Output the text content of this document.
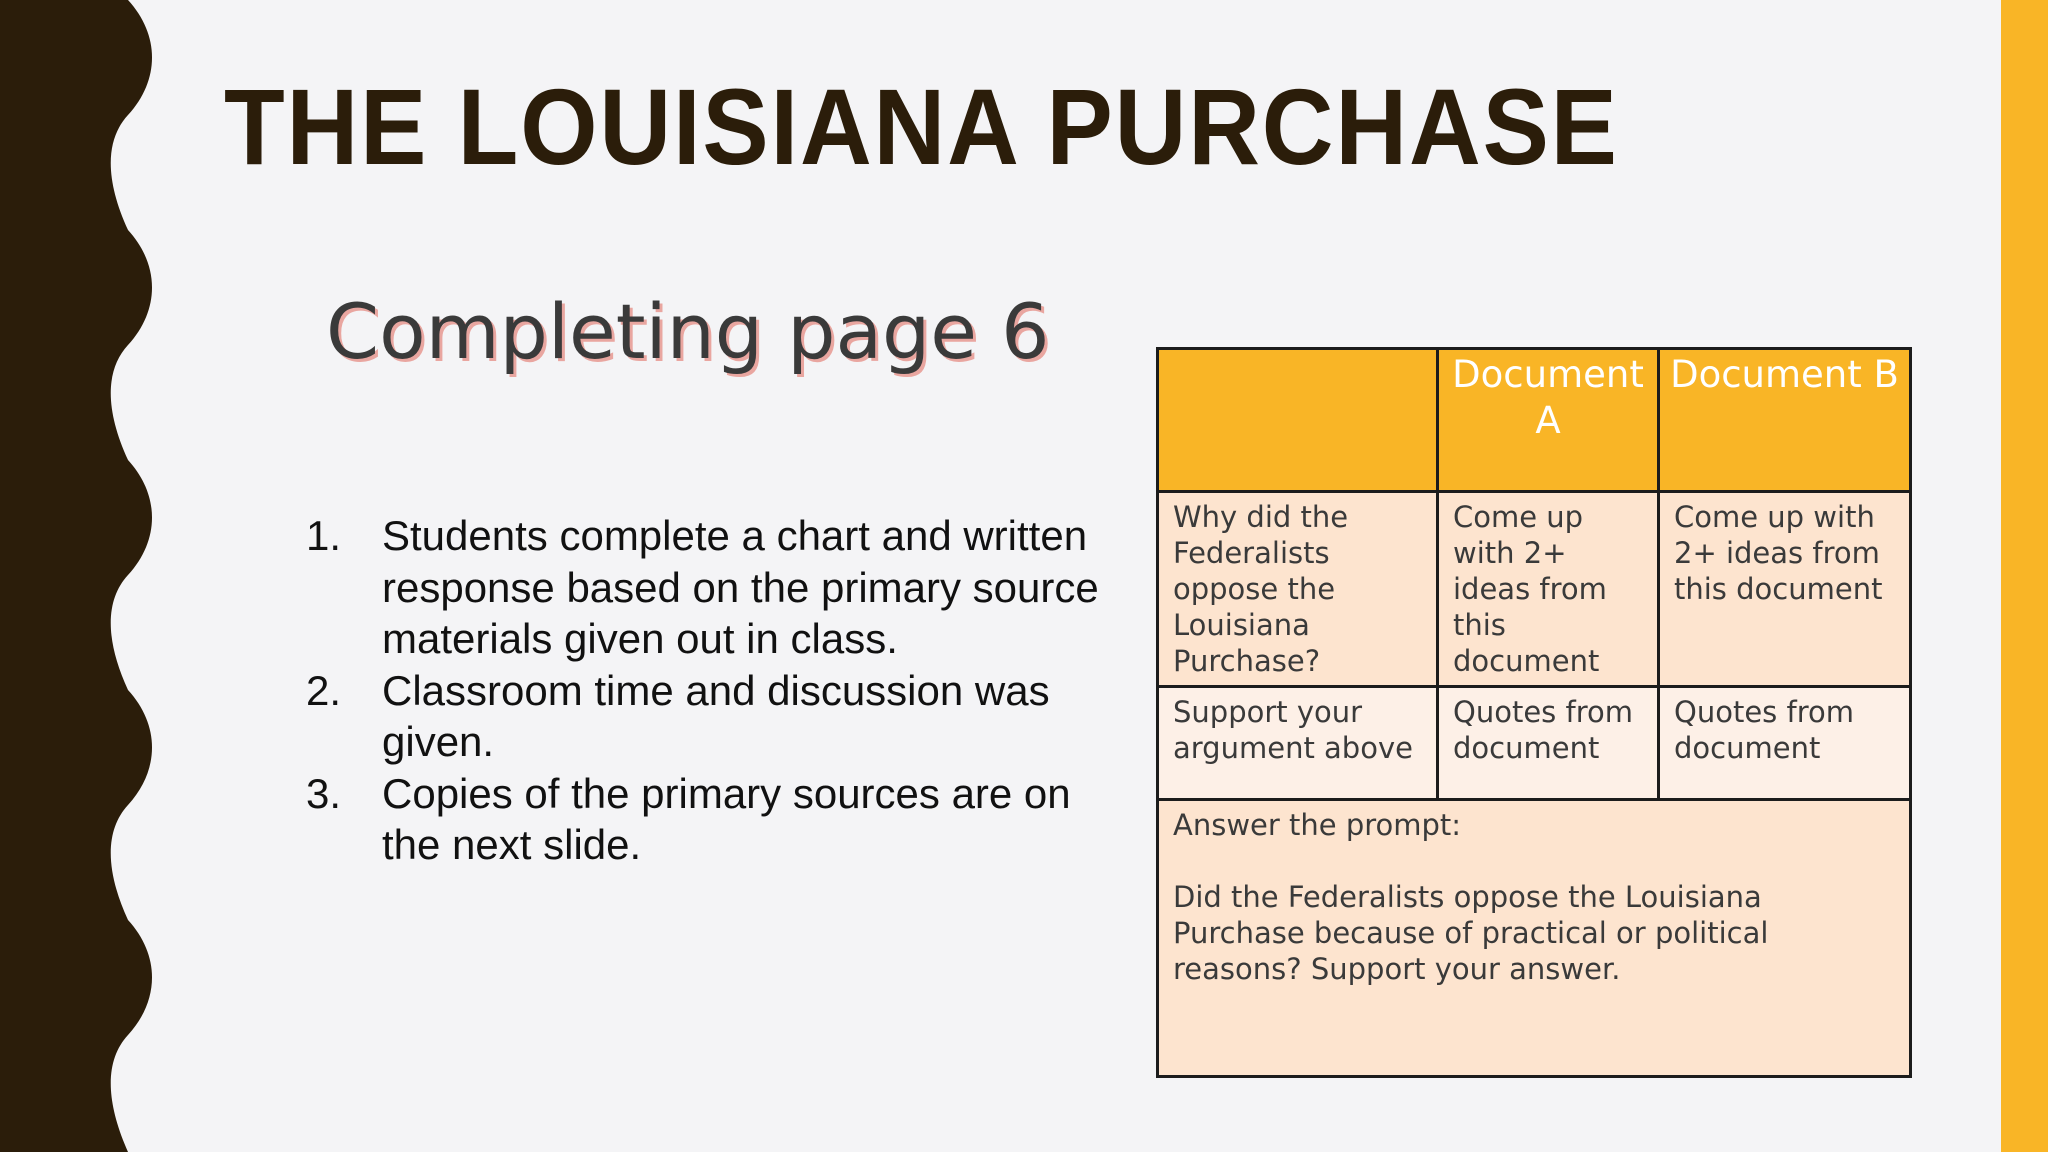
THE LOUISIANA PURCHASE
Completing page 6
1. Students complete a chart and written response based on the primary source materials given out in class.
2. Classroom time and discussion was given.
3. Copies of the primary sources are on the next slide.
	Document A	Document B
Why did the Federalists oppose the Louisiana Purchase?	Come up with 2+ ideas from this document	Come up with 2+ ideas from this document
Support your argument above	Quotes from document	Quotes from document

Answer the prompt:
Did the Federalists oppose the Louisiana Purchase because of practical or political reasons? Support your answer.		
